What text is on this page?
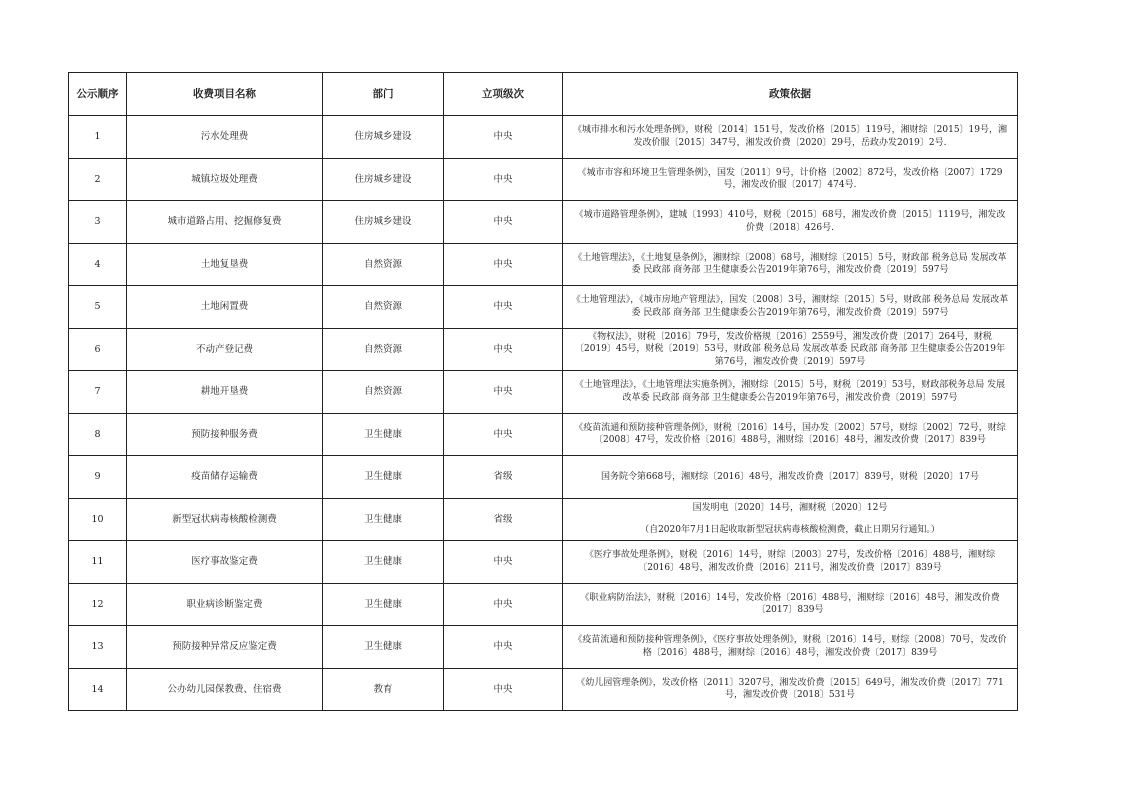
公示顺序	收费项目名称	部门	立项级次	政策依据
1	污水处理费	住房城乡建设	中央	《城市排水和污水处理条例》，财税〔2014〕151号，发改价格〔2015〕119号，湘财综〔2015〕19号，湘发改价服〔2015〕347号，湘发改价费〔2020〕29号，岳政办发2019〕2号.
2	城镇垃圾处理费	住房城乡建设	中央	《城市市容和环境卫生管理条例》，国发〔2011〕9号，计价格〔2002〕872号，发改价格〔2007〕1729号，湘发改价服〔2017〕474号.
3	城市道路占用、挖掘修复费	住房城乡建设	中央	《城市道路管理条例》，建城〔1993〕410号，财税〔2015〕68号，湘发改价费〔2015〕1119号，湘发改价费〔2018〕426号.
4	土地复垦费	自然资源	中央	《土地管理法》，《土地复垦条例》，湘财综〔2008〕68号，湘财综〔2015〕5号，财政部 税务总局 发展改革委 民政部 商务部 卫生健康委公告2019年第76号，湘发改价费〔2019〕597号
5	土地闲置费	自然资源	中央	《土地管理法》，《城市房地产管理法》，国发〔2008〕3号，湘财综〔2015〕5号，财政部 税务总局 发展改革委 民政部 商务部 卫生健康委公告2019年第76号，湘发改价费〔2019〕597号
6	不动产登记费	自然资源	中央	《物权法》，财税〔2016〕79号，发改价格规〔2016〕2559号，湘发改价费〔2017〕264号，财税〔2019〕45号，财税〔2019〕53号，财政部 税务总局 发展改革委 民政部 商务部 卫生健康委公告2019年第76号，湘发改价费〔2019〕597号
7	耕地开垦费	自然资源	中央	《土地管理法》，《土地管理法实施条例》，湘财综〔2015〕5号，财税〔2019〕53号，财政部税务总局 发展改革委 民政部 商务部 卫生健康委公告2019年第76号，湘发改价费〔2019〕597号
8	预防接种服务费	卫生健康	中央	《疫苗流通和预防接种管理条例》，财税〔2016〕14号，国办发〔2002〕57号，财综〔2002〕72号，财综〔2008〕47号，发改价格〔2016〕488号，湘财综〔2016〕48号，湘发改价费〔2017〕839号
9	疫苗储存运输费	卫生健康	省级	国务院令第668号，湘财综〔2016〕48号，湘发改价费〔2017〕839号，财税〔2020〕17号
10	新型冠状病毒核酸检测费	卫生健康	省级	国发明电〔2020〕14号，湘财税〔2020〕12号
（自2020年7月1日起收取新型冠状病毒核酸检测费，截止日期另行通知。）

11	医疗事故鉴定费	卫生健康	中央	《医疗事故处理条例》，财税〔2016〕14号，财综〔2003〕27号，发改价格〔2016〕488号，湘财综〔2016〕48号，湘发改价费〔2016〕211号，湘发改价费〔2017〕839号
12	职业病诊断鉴定费	卫生健康	中央	《职业病防治法》，财税〔2016〕14号，发改价格〔2016〕488号，湘财综〔2016〕48号，湘发改价费〔2017〕839号
13	预防接种异常反应鉴定费	卫生健康	中央	《疫苗流通和预防接种管理条例》，《医疗事故处理条例》，财税〔2016〕14号，财综〔2008〕70号，发改价格〔2016〕488号，湘财综〔2016〕48号，湘发改价费〔2017〕839号
14	公办幼儿园保教费、住宿费	教育	中央	《幼儿园管理条例》，发改价格〔2011〕3207号，湘发改价费〔2015〕649号，湘发改价费〔2017〕771号，湘发改价费〔2018〕531号
